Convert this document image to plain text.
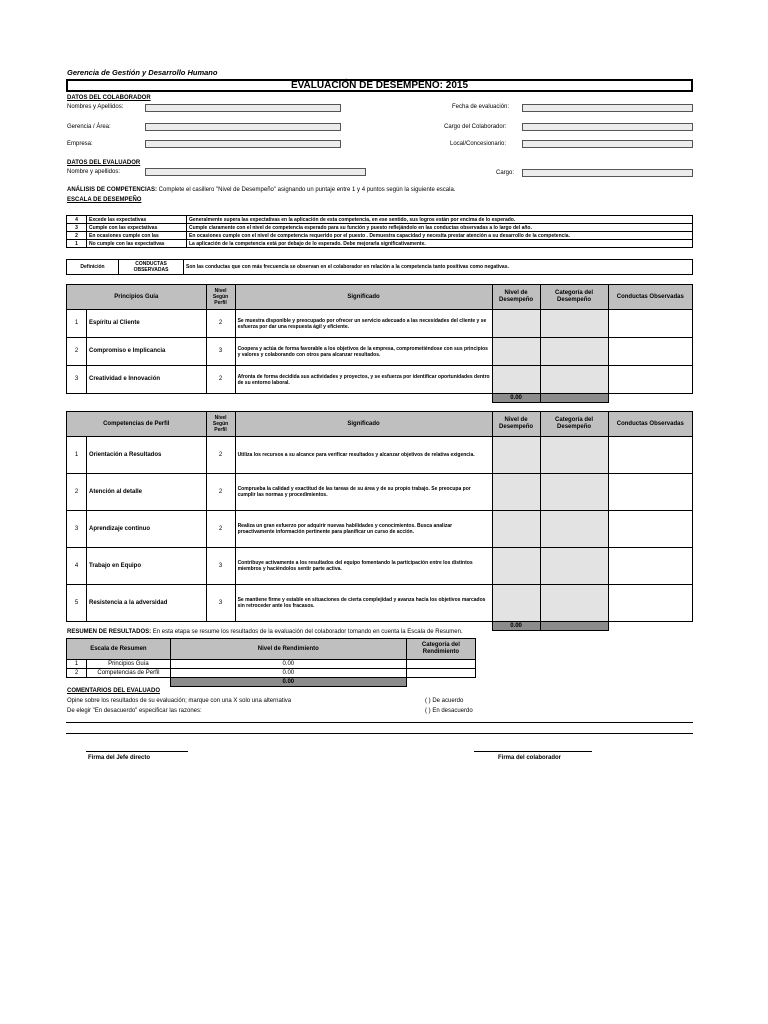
Gerencia de Gestión y Desarrollo Humano
EVALUACIÓN DE DESEMPEÑO: 2015
DATOS DEL COLABORADOR
Nombres y Apellidos:
Gerencia / Área:
Empresa:
Fecha de evaluación:
Cargo del Colaborador:
Local/Concesionario:
DATOS DEL EVALUADOR
Nombre y apellidos:	Cargo:
ANÁLISIS DE COMPETENCIAS: Complete el casillero "Nivel de Desempeño" asignando un puntaje entre 1 y 4 puntos según la siguiente escala.
ESCALA DE DESEMPEÑO
4	Excede las expectativas	Generalmente supera las expectativas en la aplicación de esta competencia, en ese sentido, sus logros están por encima de lo esperado.
3	Cumple con las expectativas	Cumple claramente con el nivel de competencia esperado para su función y puesto reflejándolo en las conductas observadas a lo largo del año.
2	En ocasiones cumple con las	En ocasiones cumple con el nivel de competencia requerido por el puesto . Demuestra capacidad y necesita prestar atención a su desarrollo de la competencia.
1	No cumple con las expectativas	La aplicación de la competencia está por debajo de lo esperado. Debe mejorarla significativamente.
Definición	CONDUCTAS OBSERVADAS	Son las conductas que con más frecuencia se observan en el colaborador en relación a la competencia tanto positivas como negativas.
Principios Guía		Nivel Según Perfil	Significado	Nivel de Desempeño	Categoría del Desempeño	Conductas Observadas
1	Espíritu al Cliente	2	Se muestra disponible y preocupado por ofrecer un servicio adecuado a las necesidades del cliente y se esfuerza por dar una respuesta ágil y eficiente.			
2	Compromiso e Implicancia	3	Coopera y actúa de forma favorable a los objetivos de la empresa, comprometiéndose con sus principios y valores y colaborando con otros para alcanzar resultados.			
3	Creatividad e Innovación	2	Afronta de forma decidida sus actividades y proyectos, y se esfuerza por identificar oportunidades dentro de su entorno laboral.			
				0.00		
Competencias de Perfil		Nivel Según Perfil	Significado	Nivel de Desempeño	Categoría del Desempeño	Conductas Observadas
1	Orientación a Resultados	2	Utiliza los recursos a su alcance para verificar resultados y alcanzar objetivos de relativa exigencia.			
2	Atención al detalle	2	Comprueba la calidad y exactitud de las tareas de su área y de su propio trabajo. Se preocupa por cumplir las normas y procedimientos.			
3	Aprendizaje continuo	2	Realiza un gran esfuerzo por adquirir nuevas habilidades y conocimientos. Busca analizar proactivamente información pertinente para planificar un curso de acción.			
4	Trabajo en Equipo	3	Contribuye activamente a los resultados del equipo fomentando la participación entre los distintos miembros y haciéndolos sentir parte activa.			
5	Resistencia a la adversidad	3	Se mantiene firme y estable en situaciones de cierta complejidad y avanza hacia los objetivos marcados sin retroceder ante los fracasos.			
				0.00		
RESUMEN DE RESULTADOS: En esta etapa se resume los resultados de la evaluación del colaborador tomando en cuenta la Escala de Resumen.
Escala de Resumen		Nivel de Rendimiento	Categoría del Rendimiento
1	Principios Guía	0.00	
2	Competencias de Perfil	0.00	
		0.00	
COMENTARIOS DEL EVALUADO
Opine sobre los resultados de su evaluación; marque con una X solo una alternativa
De elegir "En desacuerdo" especificar las razones:
( ) De acuerdo
( ) En desacuerdo
Firma del Jefe directo	Firma del colaborador
